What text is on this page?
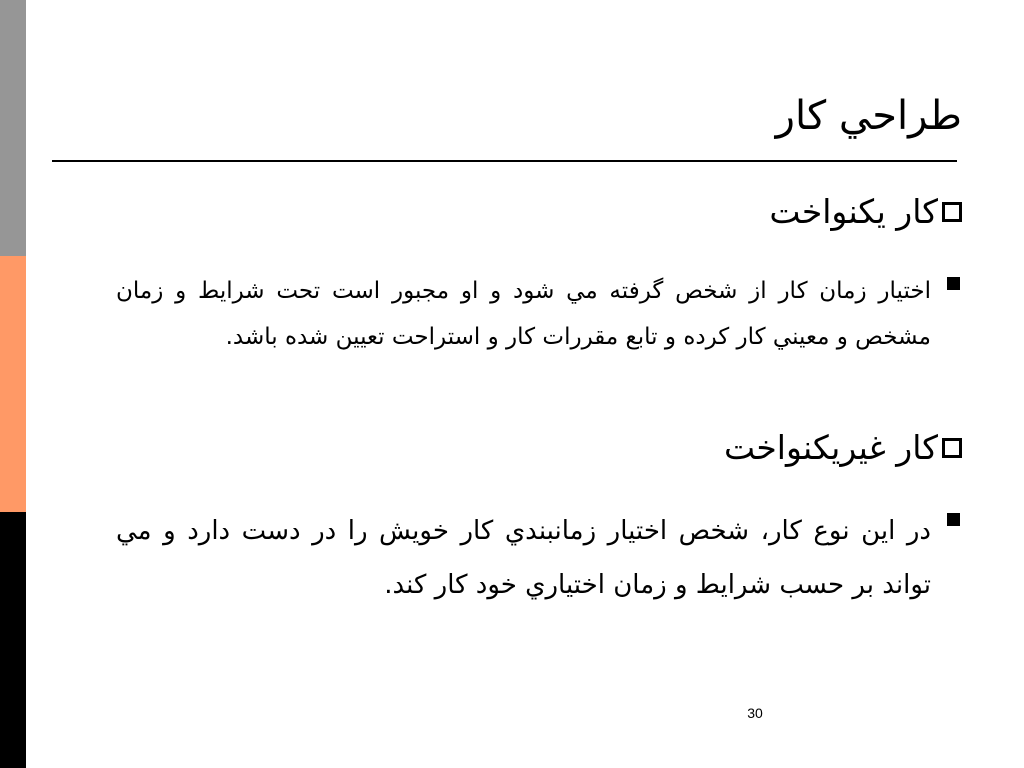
طراحي كار
كار يكنواخت
اختيار زمان كار از شخص گرفته مي شود و او مجبور است تحت شرايط و زمان مشخص و معيني كار كرده و تابع مقررات كار و استراحت تعيين شده باشد.
كار غيريكنواخت
در اين نوع كار، شخص اختيار زمانبندي كار خويش را در دست دارد و مي تواند بر حسب شرايط و زمان اختياري خود كار كند.
30
